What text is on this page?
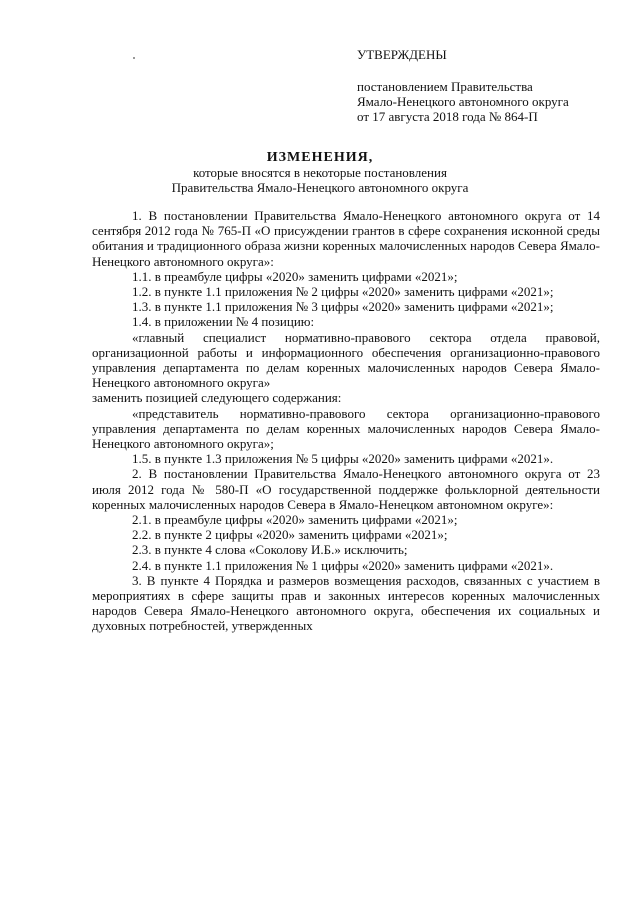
УТВЕРЖДЕНЫ
постановлением Правительства
Ямало-Ненецкого автономного округа
от 17 августа 2018 года № 864-П
ИЗМЕНЕНИЯ,
которые вносятся в некоторые постановления
Правительства Ямало-Ненецкого автономного округа

1. В постановлении Правительства Ямало-Ненецкого автономного округа от 14 сентября 2012 года № 765-П «О присуждении грантов в сфере сохранения исконной среды обитания и традиционного образа жизни коренных малочисленных народов Севера Ямало-Ненецкого автономного округа»:

1.1. в преамбуле цифры «2020» заменить цифрами «2021»;

1.2. в пункте 1.1 приложения № 2 цифры «2020» заменить цифрами «2021»;

1.3. в пункте 1.1 приложения № 3 цифры «2020» заменить цифрами «2021»;

1.4. в приложении № 4 позицию:

«главный специалист нормативно-правового сектора отдела правовой, организационной работы и информационного обеспечения организационно-правового управления департамента по делам коренных малочисленных народов Севера Ямало-Ненецкого автономного округа»

заменить позицией следующего содержания:

«представитель нормативно-правового сектора организационно-правового управления департамента по делам коренных малочисленных народов Севера Ямало-Ненецкого автономного округа»;

1.5. в пункте 1.3 приложения № 5 цифры «2020» заменить цифрами «2021».

2. В постановлении Правительства Ямало-Ненецкого автономного округа от 23 июля 2012 года № 580-П «О государственной поддержке фольклорной деятельности коренных малочисленных народов Севера в Ямало-Ненецком автономном округе»:

2.1. в преамбуле цифры «2020» заменить цифрами «2021»;

2.2. в пункте 2 цифры «2020» заменить цифрами «2021»;

2.3. в пункте 4 слова «Соколову И.Б.» исключить;

2.4. в пункте 1.1 приложения № 1 цифры «2020» заменить цифрами «2021».

3. В пункте 4 Порядка и размеров возмещения расходов, связанных с участием в мероприятиях в сфере защиты прав и законных интересов коренных малочисленных народов Севера Ямало-Ненецкого автономного округа, обеспечения их социальных и духовных потребностей, утвержденных
